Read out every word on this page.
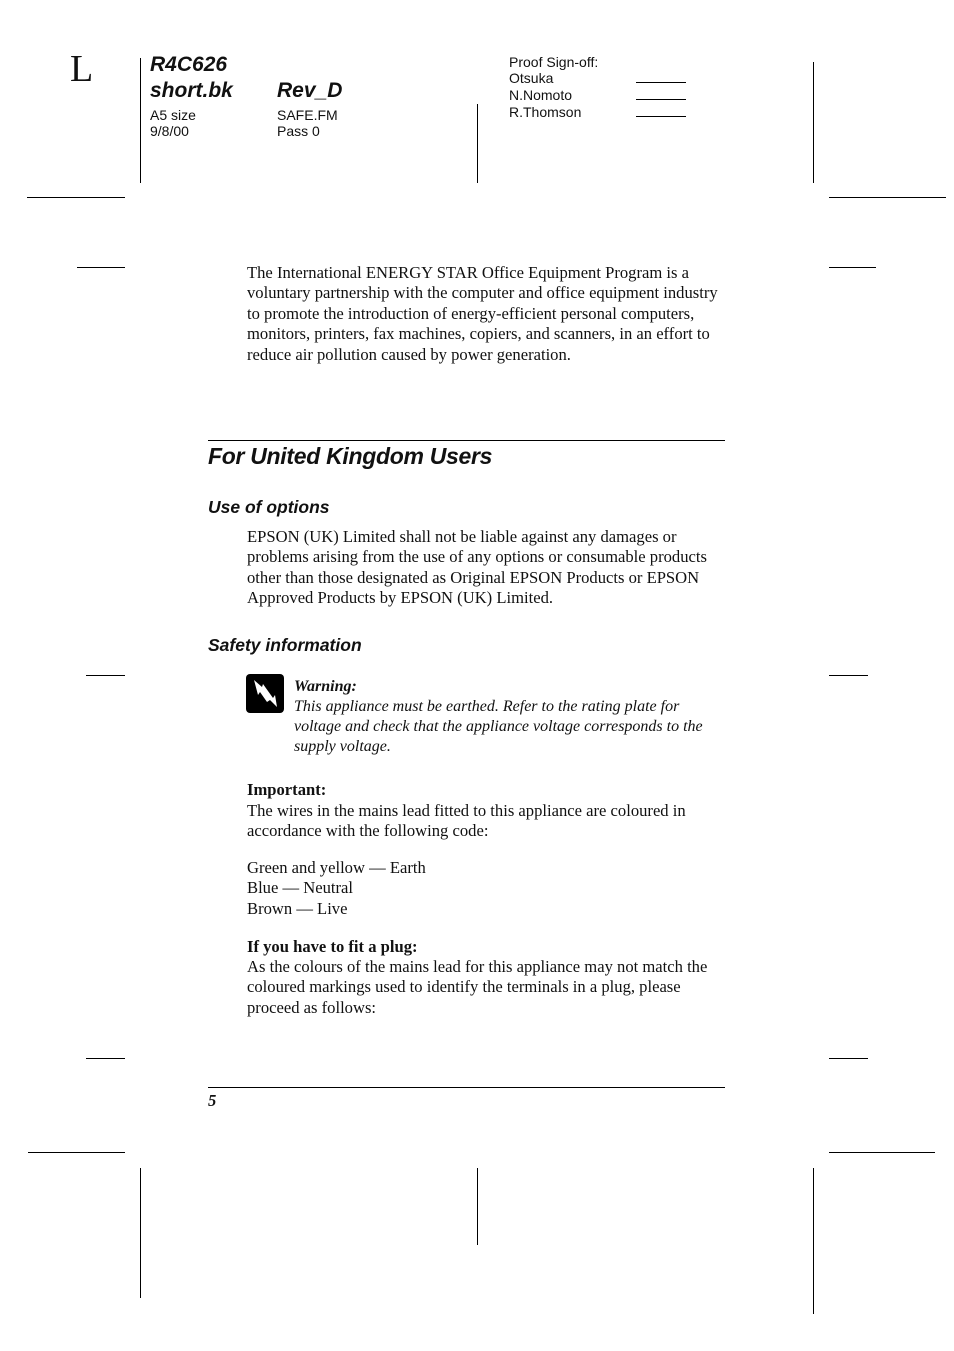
L	R4C626
short.bk Rev_D
A5 size
9/8/00
SAFE.FM
Pass 0
Proof Sign-off:
Otsuka
N.Nomoto
R.Thomson

The International ENERGY STAR Office Equipment Program is a voluntary partnership with the computer and office equipment industry to promote the introduction of energy-efficient personal computers, monitors, printers, fax machines, copiers, and scanners, in an effort to reduce air pollution caused by power generation.

For United Kingdom Users
Use of options

EPSON (UK) Limited shall not be liable against any damages or problems arising from the use of any options or consumable products other than those designated as Original EPSON Products or EPSON Approved Products by EPSON (UK) Limited.

Safety information
Warning:
This appliance must be earthed. Refer to the rating plate for voltage and check that the appliance voltage corresponds to the supply voltage.
Important:

The wires in the mains lead fitted to this appliance are coloured in accordance with the following code:

Green and yellow — Earth
Blue — Neutral
Brown — Live
If you have to fit a plug:

As the colours of the mains lead for this appliance may not match the coloured markings used to identify the terminals in a plug, please proceed as follows:

5
